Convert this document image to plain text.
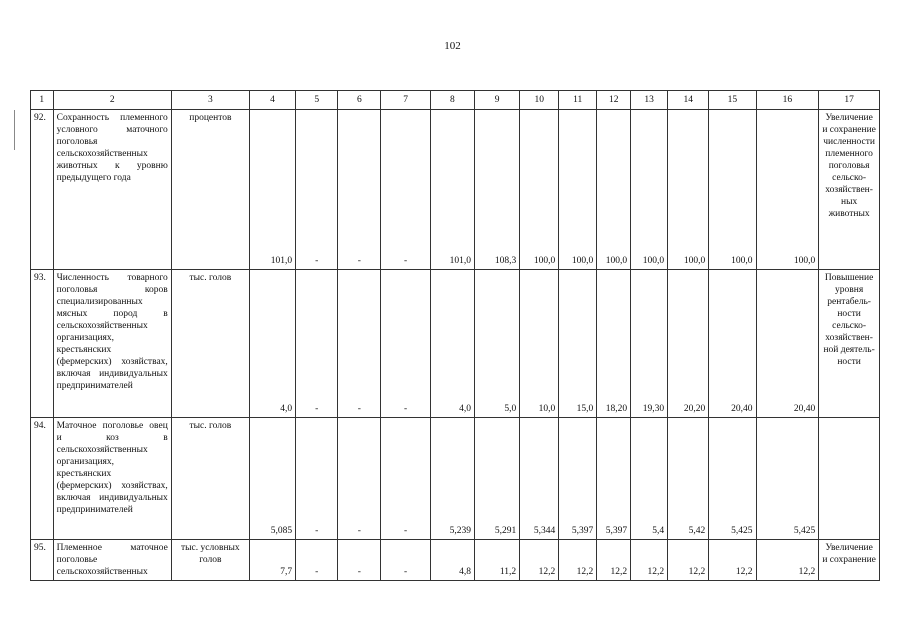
102
1	2	3	4	5	6	7	8	9	10	11	12	13	14	15	16	17
92.	Сохранность племенного условного маточного поголовья сельскохозяйственных животных к уровню предыдущего года	процентов	101,0	-	-	-	101,0	108,3	100,0	100,0	100,0	100,0	100,0	100,0	100,0	Увеличение и сохранение численности племенного поголовья сельско-хозяйствен-ных животных
93.	Численность товарного поголовья коров специализированных мясных пород в сельскохозяйственных организациях, крестьянских (фермерских) хозяйствах, включая индивидуальных предпринимателей	тыс. голов	4,0	-	-	-	4,0	5,0	10,0	15,0	18,20	19,30	20,20	20,40	20,40	Повышение уровня рентабель-ности сельско-хозяйствен-ной деятель-ности
94.	Маточное поголовье овец и коз в сельскохозяйственных организациях, крестьянских (фермерских) хозяйствах, включая индивидуальных предпринимателей	тыс. голов	5,085	-	-	-	5,239	5,291	5,344	5,397	5,397	5,4	5,42	5,425	5,425	
95.	Племенное маточное поголовье сельскохозяйственных	тыс. условных голов	7,7	-	-	-	4,8	11,2	12,2	12,2	12,2	12,2	12,2	12,2	12,2	Увеличение и сохранение
